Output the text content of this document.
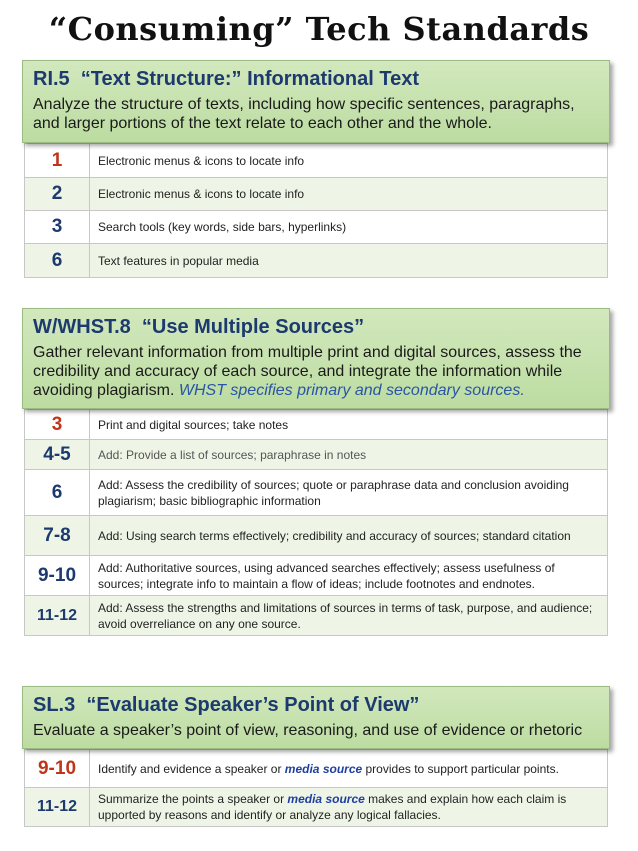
“Consuming” Tech Standards
RI.5  “Text Structure:” Informational Text
Analyze the structure of texts, including how specific sentences, paragraphs, and larger portions of the text relate to each other and the whole.
1	Electronic menus & icons to locate info
2	Electronic menus & icons to locate info
3	Search tools (key words, side bars, hyperlinks)
6	Text features in popular media
W/WHST.8  “Use Multiple Sources”
Gather relevant information from multiple print and digital sources, assess the credibility and accuracy of each source, and integrate the information while avoiding plagiarism. WHST specifies primary and secondary sources.
3	Print and digital sources; take notes
4-5	Add: Provide a list of sources; paraphrase in notes
6	Add: Assess the credibility of sources; quote or paraphrase data and conclusion avoiding plagiarism; basic bibliographic information
7-8	Add: Using search terms effectively; credibility and accuracy of sources; standard citation
9-10	Add: Authoritative sources, using advanced searches effectively; assess usefulness of sources; integrate info to maintain a flow of ideas; include footnotes and endnotes.
11-12	Add: Assess the strengths and limitations of sources in terms of task, purpose, and audience; avoid overreliance on any one source.
SL.3  “Evaluate Speaker’s Point of View”
Evaluate a speaker’s point of view, reasoning, and use of evidence or rhetoric
9-10	Identify and evidence a speaker or media source provides to support particular points.
11-12	Summarize the points a speaker or media source makes and explain how each claim is upported by reasons and identify or analyze any logical fallacies.
